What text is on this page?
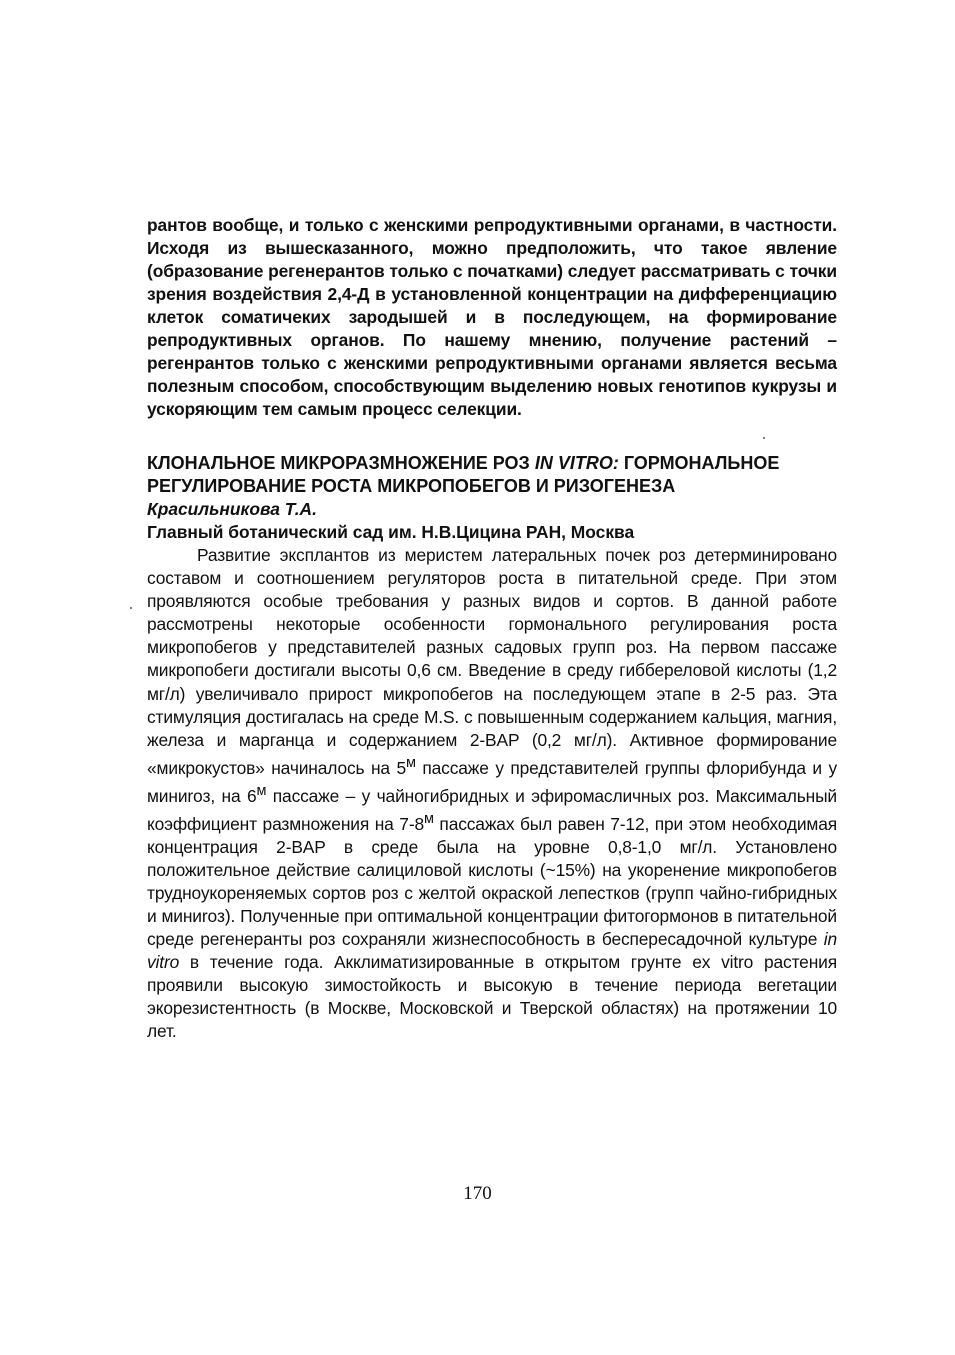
рантов вообще, и только с женскими репродуктивными органами, в частности. Исходя из вышесказанного, можно предположить, что такое явление (образование регенерантов только с початками) следует рассматривать с точки зрения воздействия 2,4-Д в установленной концентрации на дифференциацию клеток соматичеких зародышей и в последующем, на формирование репродуктивных органов. По нашему мнению, получение растений – регенрантов только с женскими репродуктивными органами является весьма полезным способом, способствующим выделению новых генотипов кукрузы и ускоряющим тем самым процесс селекции.

КЛОНАЛЬНОЕ МИКРОРАЗМНОЖЕНИЕ РОЗ IN VITRO: ГОРМОНАЛЬНОЕ РЕГУЛИРОВАНИЕ РОСТА МИКРОПОБЕГОВ И РИЗОГЕНЕЗА

Красильникова Т.А.

Главный ботанический сад им. Н.В.Цицина РАН, Москва

Развитие эксплантов из меристем латеральных почек роз детерминировано составом и соотношением регуляторов роста в питательной среде. При этом проявляются особые требования у разных видов и сортов. В данной работе рассмотрены некоторые особенности гормонального регулирования роста микропобегов у представителей разных садовых групп роз. На первом пассаже микропобеги достигали высоты 0,6 см. Введение в среду гиббереловой кислоты (1,2 мг/л) увеличивало прирост микропобегов на последующем этапе в 2-5 раз. Эта стимуляция достигалась на среде M.S. с повышенным содержанием кальция, магния, железа и марганца и содержанием 2-BAP (0,2 мг/л). Активное формирование «микрокустов» начиналось на $5^м$ пассаже у представителей группы флорибунда и у миниroз, на $6^м$ пассаже – у чайногибридных и эфиромасличных роз. Максимальный коэффициент размножения на $7-8^м$ пассажах был равен 7-12, при этом необходимая концентрация 2-BAP в среде была на уровне 0,8-1,0 мг/л. Установлено положительное действие салициловой кислоты (~15%) на укоренение микропобегов трудноукореняемых сортов роз с желтой окраской лепестков (групп чайно-гибридных и миниroз). Полученные при оптимальной концентрации фитогормонов в питательной среде регенеранты роз сохраняли жизнеспособность в беспересадочной культуре in vitro в течение года. Акклиматизированные в открытом грунте ex vitro растения проявили высокую зимостойкость и высокую в течение периода вегетации экорезистентность (в Москве, Московской и Тверской областях) на протяжении 10 лет.

170
